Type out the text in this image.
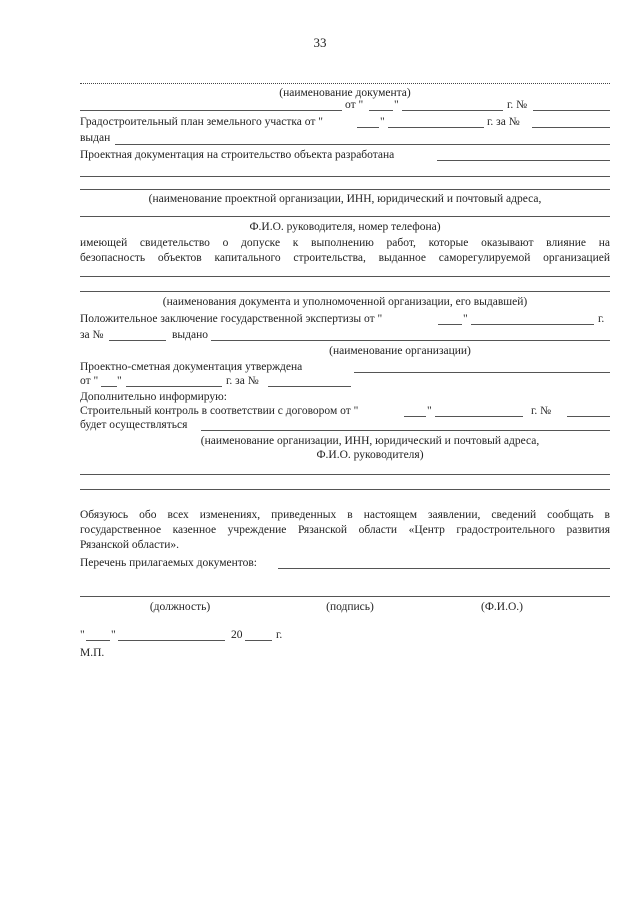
33
(наименование документа)
от "	"	г. №
Градостроительный план земельного участка от "	"	г. за №
выдан
Проектная документация на строительство объекта разработана
(наименование проектной организации, ИНН, юридический и почтовый адреса,
Ф.И.О. руководителя, номер телефона)
имеющей свидетельство о допуске к выполнению работ, которые оказывают влияние на
безопасность объектов капитального строительства, выданное саморегулируемой организацией
(наименования документа и уполномоченной организации, его выдавшей)
Положительное заключение государственной экспертизы от "	"	г.
за №	выдано
(наименование организации)
Проектно-сметная документация утверждена
от " "	г. за №
Дополнительно информирую:
Строительный контроль в соответствии с договором от "	"	г. №
будет осуществляться
(наименование организации, ИНН, юридический и почтовый адреса,
Ф.И.О. руководителя)
Обязуюсь обо всех изменениях, приведенных в настоящем заявлении, сведений сообщать в
государственное казенное учреждение Рязанской области «Центр градостроительного развития
Рязанской области».
Перечень прилагаемых документов:
(должность)	(подпись)	(Ф.И.О.)
" "	20	г.
М.П.
